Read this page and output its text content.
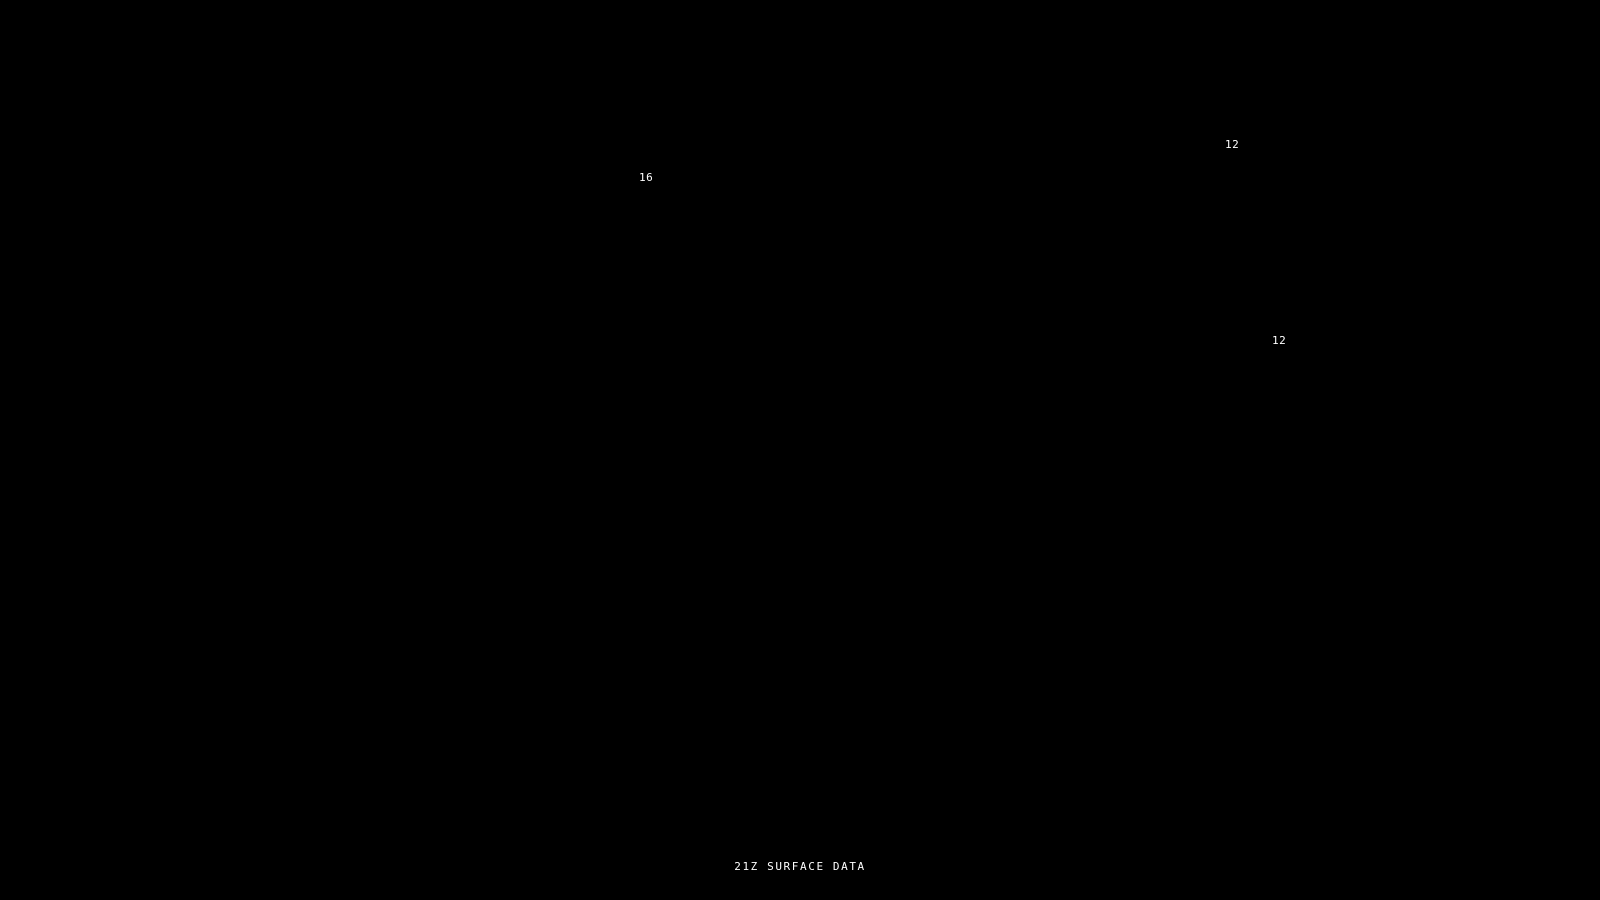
16
12
12
21Z SURFACE DATA
